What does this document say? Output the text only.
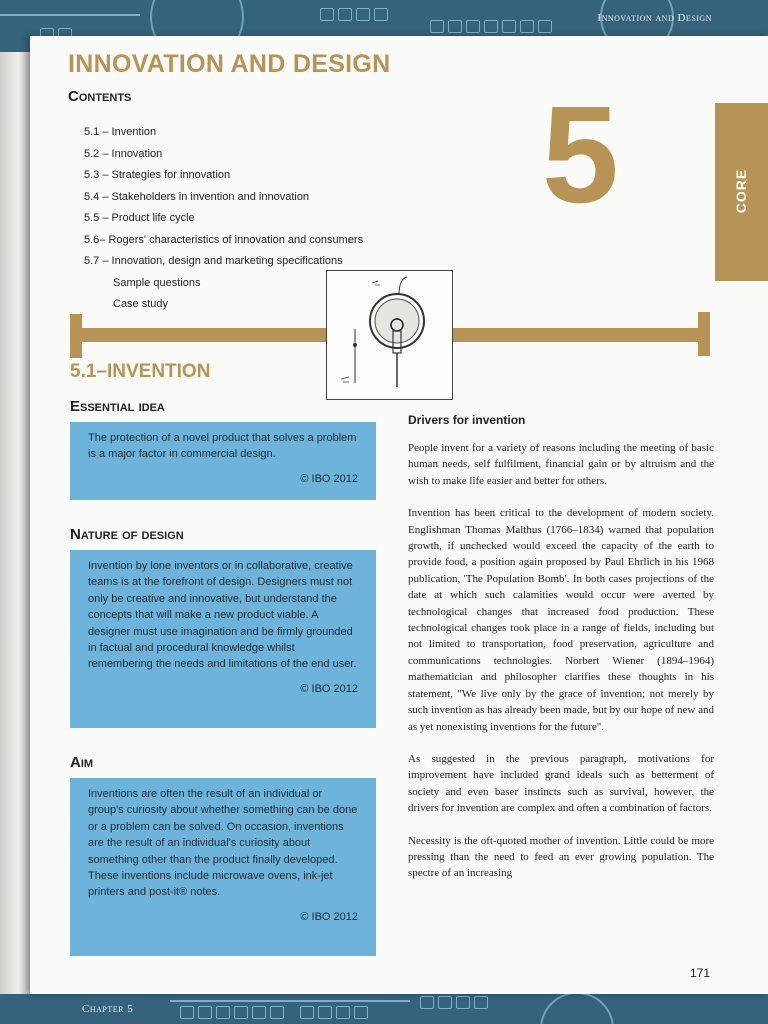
Innovation and Design
Chapter 5
INNOVATION AND DESIGN
Contents
5.1 – Invention
5.2 – Innovation
5.3 – Strategies for innovation
5.4 – Stakeholders in invention and innovation
5.5 – Product life cycle
5.6– Rogers' characteristics of innovation and consumers
5.7 – Innovation, design and marketing specifications
Sample questions
Case study
5	CORE
5.1–INVENTION
Essential idea
The protection of a novel product that solves a problem is a major factor in commercial design.
© IBO 2012
Nature of design
Invention by lone inventors or in collaborative, creative teams is at the forefront of design. Designers must not only be creative and innovative, but understand the concepts that will make a new product viable. A designer must use imagination and be firmly grounded in factual and procedural knowledge whilst remembering the needs and limitations of the end user.
© IBO 2012
Aim
Inventions are often the result of an individual or group's curiosity about whether something can be done or a problem can be solved. On occasion, inventions are the result of an individual's curiosity about something other than the product finally developed. These inventions include microwave ovens, ink-jet printers and post-it® notes.
© IBO 2012
Drivers for invention

People invent for a variety of reasons including the meeting of basic human needs, self fulfilment, financial gain or by altruism and the wish to make life easier and better for others.

Invention has been critical to the development of modern society. Englishman Thomas Malthus (1766–1834) warned that population growth, if unchecked would exceed the capacity of the earth to provide food, a position again proposed by Paul Ehrlich in his 1968 publication, 'The Population Bomb'. In both cases projections of the date at which such calamities would occur were averted by technological changes that increased food production. These technological changes took place in a range of fields, including but not limited to transportation, food preservation, agriculture and communications technologies. Norbert Wiener (1894–1964) mathematician and philosopher clarifies these thoughts in his statement, "We live only by the grace of invention; not merely by such invention as has already been made, but by our hope of new and as yet nonexisting inventions for the future".

As suggested in the previous paragraph, motivations for improvement have included grand ideals such as betterment of society and even baser instincts such as survival, however, the drivers for invention are complex and often a combination of factors.

Necessity is the oft-quoted mother of invention. Little could be more pressing than the need to feed an ever growing population. The spectre of an increasing

171
